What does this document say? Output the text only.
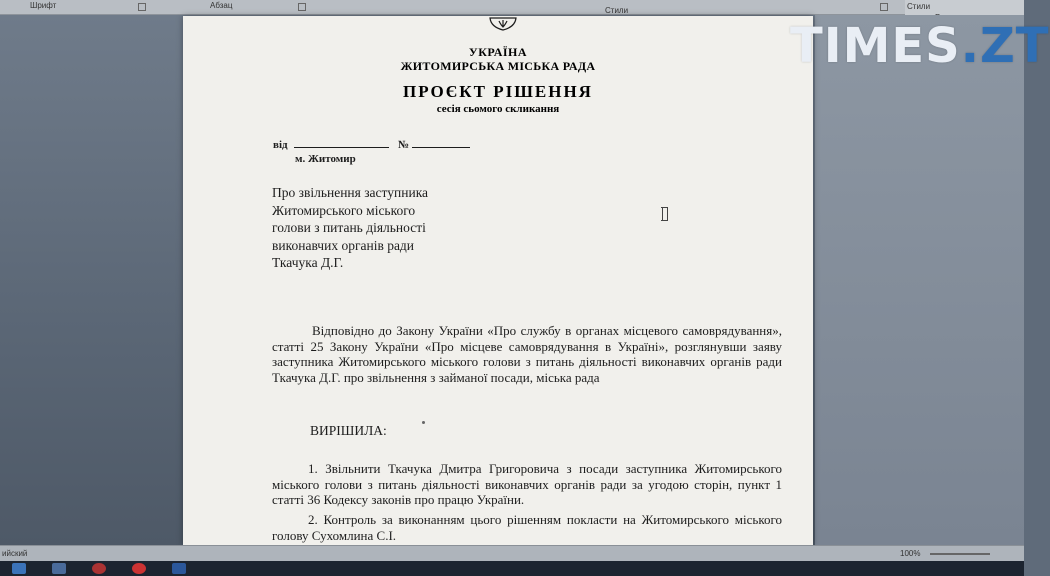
Шрифт	Абзац
Стили	Стили
УКРАЇНА
ЖИТОМИРСЬКА МІСЬКА РАДА
ПРОЄКТ РІШЕННЯ
сесія сьомого скликання
від	№
м. Житомир
Про звільнення заступника
Житомирського міського
голови з питань діяльності
виконавчих органів ради
Ткачука Д.Г.
Відповідно до Закону України «Про службу в органах місцевого самоврядування», статті 25 Закону України «Про місцеве самоврядування в Україні», розглянувши заяву заступника Житомирського міського голови з питань діяльності виконавчих органів ради Ткачука Д.Г. про звільнення з займаної посади, міська рада
ВИРІШИЛА:
1. Звільнити Ткачука Дмитра Григоровича з посади заступника Житомирського міського голови з питань діяльності виконавчих органів ради за угодою сторін, пункт 1 статті 36 Кодексу законів про працю України.
2. Контроль за виконанням цього рішенням покласти на Житомирського міського голову Сухомлина С.І.
TIMES.ZT
ийский	100%
